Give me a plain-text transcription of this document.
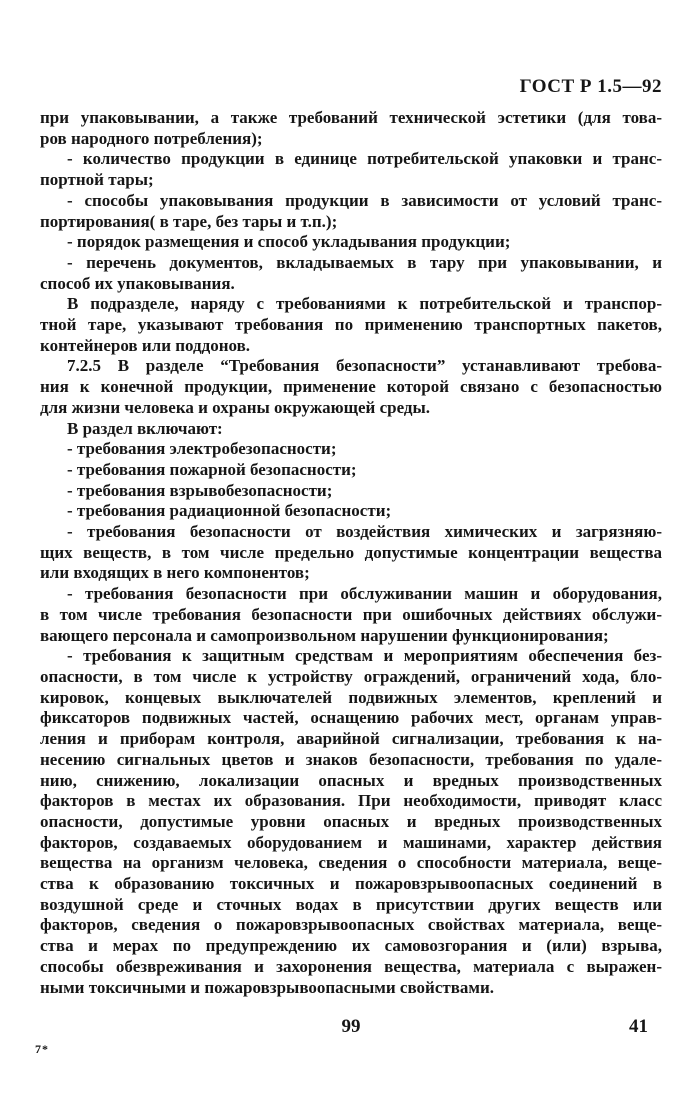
ГОСТ Р 1.5—92
при упаковывании, а также требований технической эстетики (для това-
ров народного потребления);
- количество продукции в единице потребительской упаковки и транс-
портной тары;
- способы упаковывания продукции в зависимости от условий транс-
портирования( в таре, без тары и т.п.);
- порядок размещения и способ укладывания продукции;
- перечень документов, вкладываемых в тару при упаковывании, и
способ их упаковывания.
В подразделе, наряду с требованиями к потребительской и транспор-
тной таре, указывают требования по применению транспортных пакетов,
контейнеров или поддонов.
7.2.5 В разделе “Требования безопасности” устанавливают требова-
ния к конечной продукции, применение которой связано с безопасностью
для жизни человека и охраны окружающей среды.
В раздел включают:
- требования электробезопасности;
- требования пожарной безопасности;
- требования взрывобезопасности;
- требования радиационной безопасности;
- требования безопасности от воздействия химических и загрязняю-
щих веществ, в том числе предельно допустимые концентрации вещества
или входящих в него компонентов;
- требования безопасности при обслуживании машин и оборудования,
в том числе требования безопасности при ошибочных действиях обслужи-
вающего персонала и самопроизвольном нарушении функционирования;
- требования к защитным средствам и мероприятиям обеспечения без-
опасности, в том числе к устройству ограждений, ограничений хода, бло-
кировок, концевых выключателей подвижных элементов, креплений и
фиксаторов подвижных частей, оснащению рабочих мест, органам управ-
ления и приборам контроля, аварийной сигнализации, требования к на-
несению сигнальных цветов и знаков безопасности, требования по удале-
нию, снижению, локализации опасных и вредных производственных
факторов в местах их образования. При необходимости, приводят класс
опасности, допустимые уровни опасных и вредных производственных
факторов, создаваемых оборудованием и машинами, характер действия
вещества на организм человека, сведения о способности материала, веще-
ства к образованию токсичных и пожаровзрывоопасных соединений в
воздушной среде и сточных водах в присутствии других веществ или
факторов, сведения о пожаровзрывоопасных свойствах материала, веще-
ства и мерах по предупреждению их самовозгорания и (или) взрыва,
способы обезвреживания и захоронения вещества, материала с выражен-
ными токсичными и пожаровзрывоопасными свойствами.
99	41
7*
